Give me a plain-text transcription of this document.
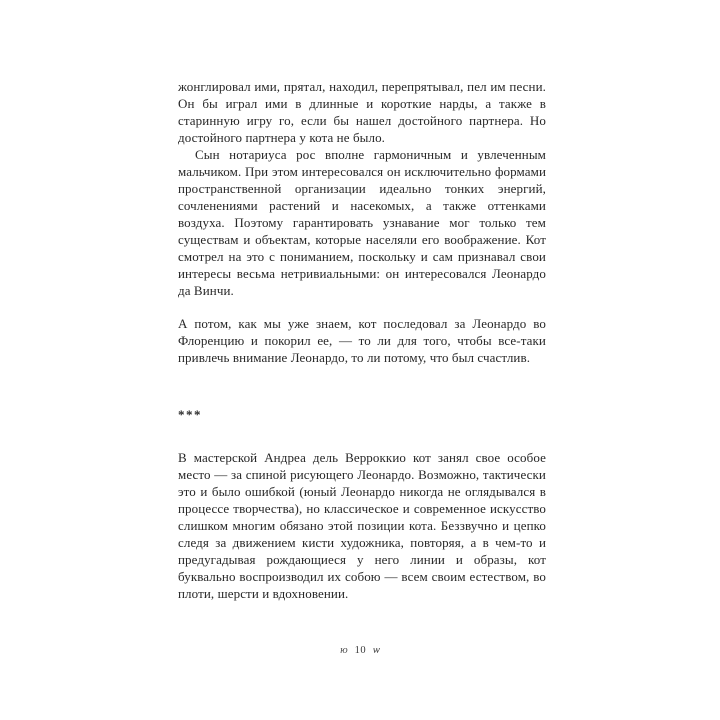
жонглировал ими, прятал, находил, перепрятывал, пел им песни. Он бы играл ими в длинные и короткие нарды, а также в старинную игру го, если бы нашел достойного партнера. Но достойного партнера у кота не было.

Сын нотариуса рос вполне гармоничным и увлеченным мальчиком. При этом интересовался он исключительно формами пространственной организации идеально тонких энергий, сочленениями растений и насекомых, а также оттенками воздуха. Поэтому гарантировать узнавание мог только тем существам и объектам, которые населяли его воображение. Кот смотрел на это с пониманием, поскольку и сам признавал свои интересы весьма нетривиальными: он интересовался Леонардо да Винчи.

А потом, как мы уже знаем, кот последовал за Леонардо во Флоренцию и покорил ее, — то ли для того, чтобы все-таки привлечь внимание Леонардо, то ли потому, что был счастлив.

***

В мастерской Андреа дель Верроккио кот занял свое особое место — за спиной рисующего Леонардо. Возможно, тактически это и было ошибкой (юный Леонардо никогда не оглядывался в процессе творчества), но классическое и современное искусство слишком многим обязано этой позиции кота. Беззвучно и цепко следя за движением кисти художника, повторяя, а в чем-то и предугадывая рождающиеся у него линии и образы, кот буквально воспроизводил их собою — всем своим естеством, во плоти, шерсти и вдохновении.

ю 10 ѡ
